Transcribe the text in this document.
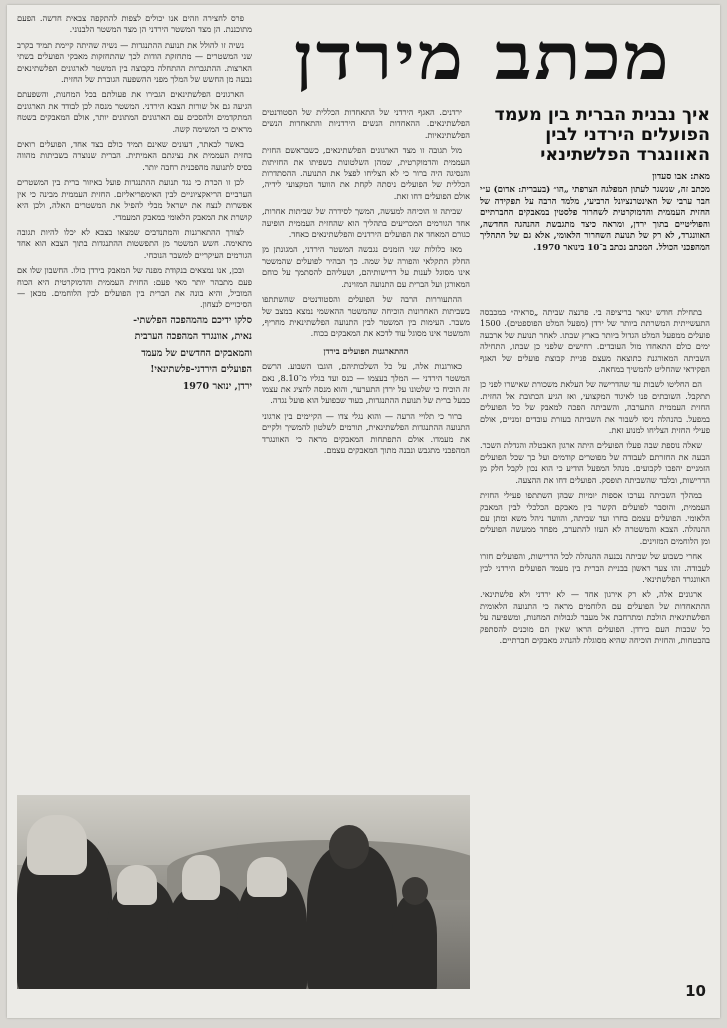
מכתב מירדן
איך נבנית הברית בין מעמד הפועלים הירדני לבין האוונגרד הפלשתינאי
מאת: אבו סעדון
מכתב זה, שנשגר לעתון המפלגה הצרפתי „הו״ (בעברית: אדום) ע״י חבר ערבי של האינטרנציונל הרביעי, מלמד הרבה על תפקידה של החזית העממית והדמוקרטית לשחרור פלסטין במאבקים החברתיים והפוליטיים בתוך ירדן, ומראה כיצד מתגבשת ההנהגה החדשה, האוונגרד, לא רק של תנועת השחרור הלאומי, אלא גם של התהליך המהפכני הכולל. המכתב נכתב ב־10 בינואר 1970.

בתחילת חודש ינואר בריציפה בי. פרנצה שביתה „סראיה״ במכבסה התעשייתית המשרתת ביותר של ירדן (מפעל המלט הפוספטים). 1500 פועלים ממפעל המלט הגדול ביותר בארץ שבתו. לאחר תנועת של ארבעה ימים כולם התאחדו מול העובדים. רחישים שלפני כן שבתו, התחילה השביתה המאורגנת כתוצאה מעצם פניית קבוצת פועלים של האגף הפקידאי שהחליט להמשיך במחאה.

הם החליטו לשבות עד שהדרישה של העלאת משכורת שאישרו לפני כן תתקבל. השובתים פנו לאיגוד המקצועי, ואז הגיע הכתובת אל החזית. החזית העממית התערבה, והשביתה הפכה למאבק של כל הפועלים במפעל. בהנהלה ניסו לשבור את השביתה בעזרת עובדים זמניים, אולם פעילי החזית הצליחו למנוע זאת.

שאלה נוספת שבה פעלו הפועלים היתה ארגון האבטלה והגדלת השכר. הבעה את החזרתם לעבודה של מפוטרים קודמים ועל כך שכל הפועלים הזמניים יהפכו לקבועים. מנהל המפעל הודיע כי הוא נכון לקבל חלק מן הדרישות, ובלבד שהשביתה תופסק. הפועלים דחו את ההצעה.

במהלך השביתה נערכו אספות יומיות שבהן השתתפו פעילי החזית העממית, והוסבר לפועלים הקשר בין מאבקם הכלכלי לבין המאבק הלאומי. הפועלים עצמם בחרו ועד שביתה, והוועד ניהל משא ומתן עם ההנהלה. הצבא והמשטרה לא העזו להתערב, מפחד ממעשה הפועלים ומן הלוחמים המזוינים.

אחרי כשבוע של שביתה נכנעה ההנהלה לכל הדרישות, והפועלים חזרו לעבודה. זהו צעד ראשון בבניית הברית בין מעמד הפועלים הירדני לבין האוונגרד הפלשתינאי.

ארגונים אלה, לא רק אירגון אחד — לא ירדני ולא פלשתינאי. ההתאחדות של הפועלים עם הלוחמים מראה כי התנועה הלאומית הפלשתינאית הולכת ומתרחבת אל מעבר לגבולות המחנות, ומשפיעה על כל שכבות העם בירדן. הפועלים הראו שאין הם מוכנים להסתפק בהבטחות, והחזית הוכיחה שהיא מסוגלת להנהיג מאבקים חברתיים.

ירדנים. האגף הירדני של התאחדות הכללית של הסטודנטים הפלשתינאים. ההאחדות הנשים הירדניות והתאחדות הנשים הפלשתינאיות.

מול תגובה זו מצד הארגונים הפלשתינאים, כשבראשם החזית העממית והדמוקרטית, שמהן השלטונות כשפיתו את החזיתות והנסיגה היה ברור כי לא הצליחו לפצל את התנועה. ההסתדרות הכללית של הפועלים ניסתה לקחת את הוועד המקצועי לידיה, אולם הפועלים דחו זאת.

שביתה זו הוכיחה למעשה, המשך לסידרה של שביתות אחרות, אחד הגורמים המכריעים בתהליך הוא שהחזית העממית הופיעה כגורם המאחד את הפועלים הירדנים והפלשתינאים כאחד.

מאז כלולות שני הזמנים נגבשה המשטר הירדני, המגונתן מן החלק התקלאי והפורה של שמה. כך הבהיר לפועלים שהמשטר אינו מסוגל לענות על דרישותיהם, ושעליהם להסתמך על כוחם המאורגן ועל הברית עם התנועה המזוינת.

ההתעוררות הרבה של הפועלים והסטודנטים שהשתתפו בשביתות האחרונות הוכיחה שהמשטר ההאשמי נמצא במצב של משבר. העימות בין המשטר לבין התנועה הפלשתינאית מחריף, והמשטר אינו מסוגל עוד לדכא את המאבקים בכוח.

ההתארגנות הפועלים בירדן

כאורגנות אלה, על כל השלכותיהם, הוגבו השבוע. הרשם המשטר הירדני — המלך בעצמו — כנס ועד בגליו מ־8.10, נאם זה הוכיח כי שלטונו על ירדן התערער, והוא מנסה להציג את עצמו כבעל ברית של תנועת ההתנגדות, בעוד שבפועל הוא פועל נגדה.

ברור כי תלויי הרעה — והוא נגלי צדו — הקיימים בין ארגוני התנועה ההתנגדות הפלשתינאית, תורמים לשלטון להמשיך ולקיים את מעמדו. אולם התפתחות המאבקים מראה כי האוונגרד המהפכני מתגבש ונבנה מתוך המאבקים עצמם.

פרס לחצירה וזהים אנו יכולים לצפות להתקפה צבאית חדשה. הפעם מתוכננת. הן מצד המשטר הירדני הן מצד המשטר הלבנוני.

נשיה זו להולל את תנועת ההתנגדות — נשיה שהיתה קיימת תמיד בקרב שני המשטרים — מתחזקת הודות לכך שהתחזקות מאבקי הפועלים בשתי הארצות. ההתגברות ההתחלה בקבוצה בין המשטר לארגונים הפלשתינאים נבעה מן החשש של המלך מפני ההשפעה הגוברת של החזית.

הארגונים הפלשתינאים הגבירו את פעולתם בכל המחנות, והשפעתם הגיעה גם אל שורות הצבא הירדני. המשטר מנסה לכן לבודד את הארגונים המתקדמים ולהסכים עם הארגונים המתונים יותר, אולם המאבקים בשטח מראים כי המשימה קשה.

באשר לבאתר, דעונים שאינם תמיד כולם בצד אחד, הפועלים רואים בחזית העממית את נציגתם האמיתית. הברית שנוצרה בשביתות מהווה בסיס לתנועה מהפכנית רחבה יותר.

לכן זו הכרת כי נגד תנועת ההתנגדות פועל באיזור ברית בין המשטרים הערביים הריאקציוניים לבין האימפריאליזם. החזית העממית מבינה כי אין אפשרות לנצח את ישראל מבלי להפיל את המשטרים האלה, ולכן היא קושרת את המאבק הלאומי במאבק המעמדי.

לצורך ההתארגנות והמתנדבים שמצאו בצבא לא יכלו להיות תגובה מתאימה. חשש המשטר מן התפשטות ההתנגדות בתוך הצבא הוא אחד הגורמים העיקריים למשבר הנוכחי.

ובכן, אנו נמצאים בנקודת מפנה של המאבק בירדן כולו. החשבון שלו אם פעם מתבהר יותר מאי פעם: החזית העממית והדמוקרטית היא הכוח המוביל, והיא בונה את הברית בין הפועלים לבין הלוחמים. מכאן — הסיכויים לנצחון.

סלקו ידיכם מהמהפכה הפלשתי-

נאית, אוונגרד המהפכה הערבית

והמאבקים החדשים של מעמד

הפועלים הירדני-פלשתינאי!

ירדן, ינואר 1970

10
